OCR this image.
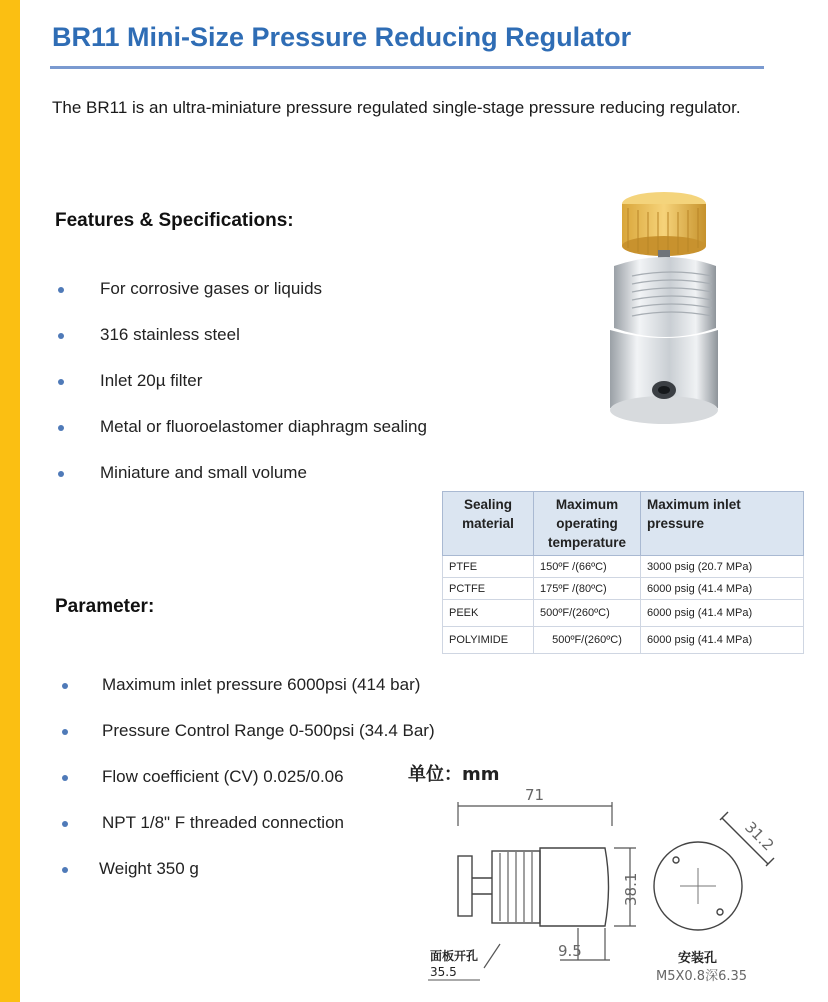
BR11 Mini-Size Pressure Reducing Regulator

The BR11 is an ultra-miniature pressure regulated single-stage pressure reducing regulator.

Features & Specifications:
For corrosive gases or liquids
316 stainless steel
Inlet 20µ filter
Metal or fluoroelastomer diaphragm sealing
Miniature and small volume
Sealing material	Maximum operating temperature	Maximum inlet pressure
PTFE	150ºF /(66ºC)	3000 psig (20.7 MPa)
PCTFE	175ºF /(80ºC)	6000 psig (41.4 MPa)
PEEK	500ºF/(260ºC)	6000 psig (41.4 MPa)
POLYIMIDE	500ºF/(260ºC)	6000 psig (41.4 MPa)
Parameter:
Maximum inlet pressure 6000psi (414 bar)
Pressure Control Range 0-500psi (34.4 Bar)
Flow coefficient (CV) 0.025/0.06
NPT 1/8" F threaded connection
Weight 350 g
单位：mm
71
38.1
9.5
面板开孔
35.5
31.2
安装孔
M5X0.8深6.35
